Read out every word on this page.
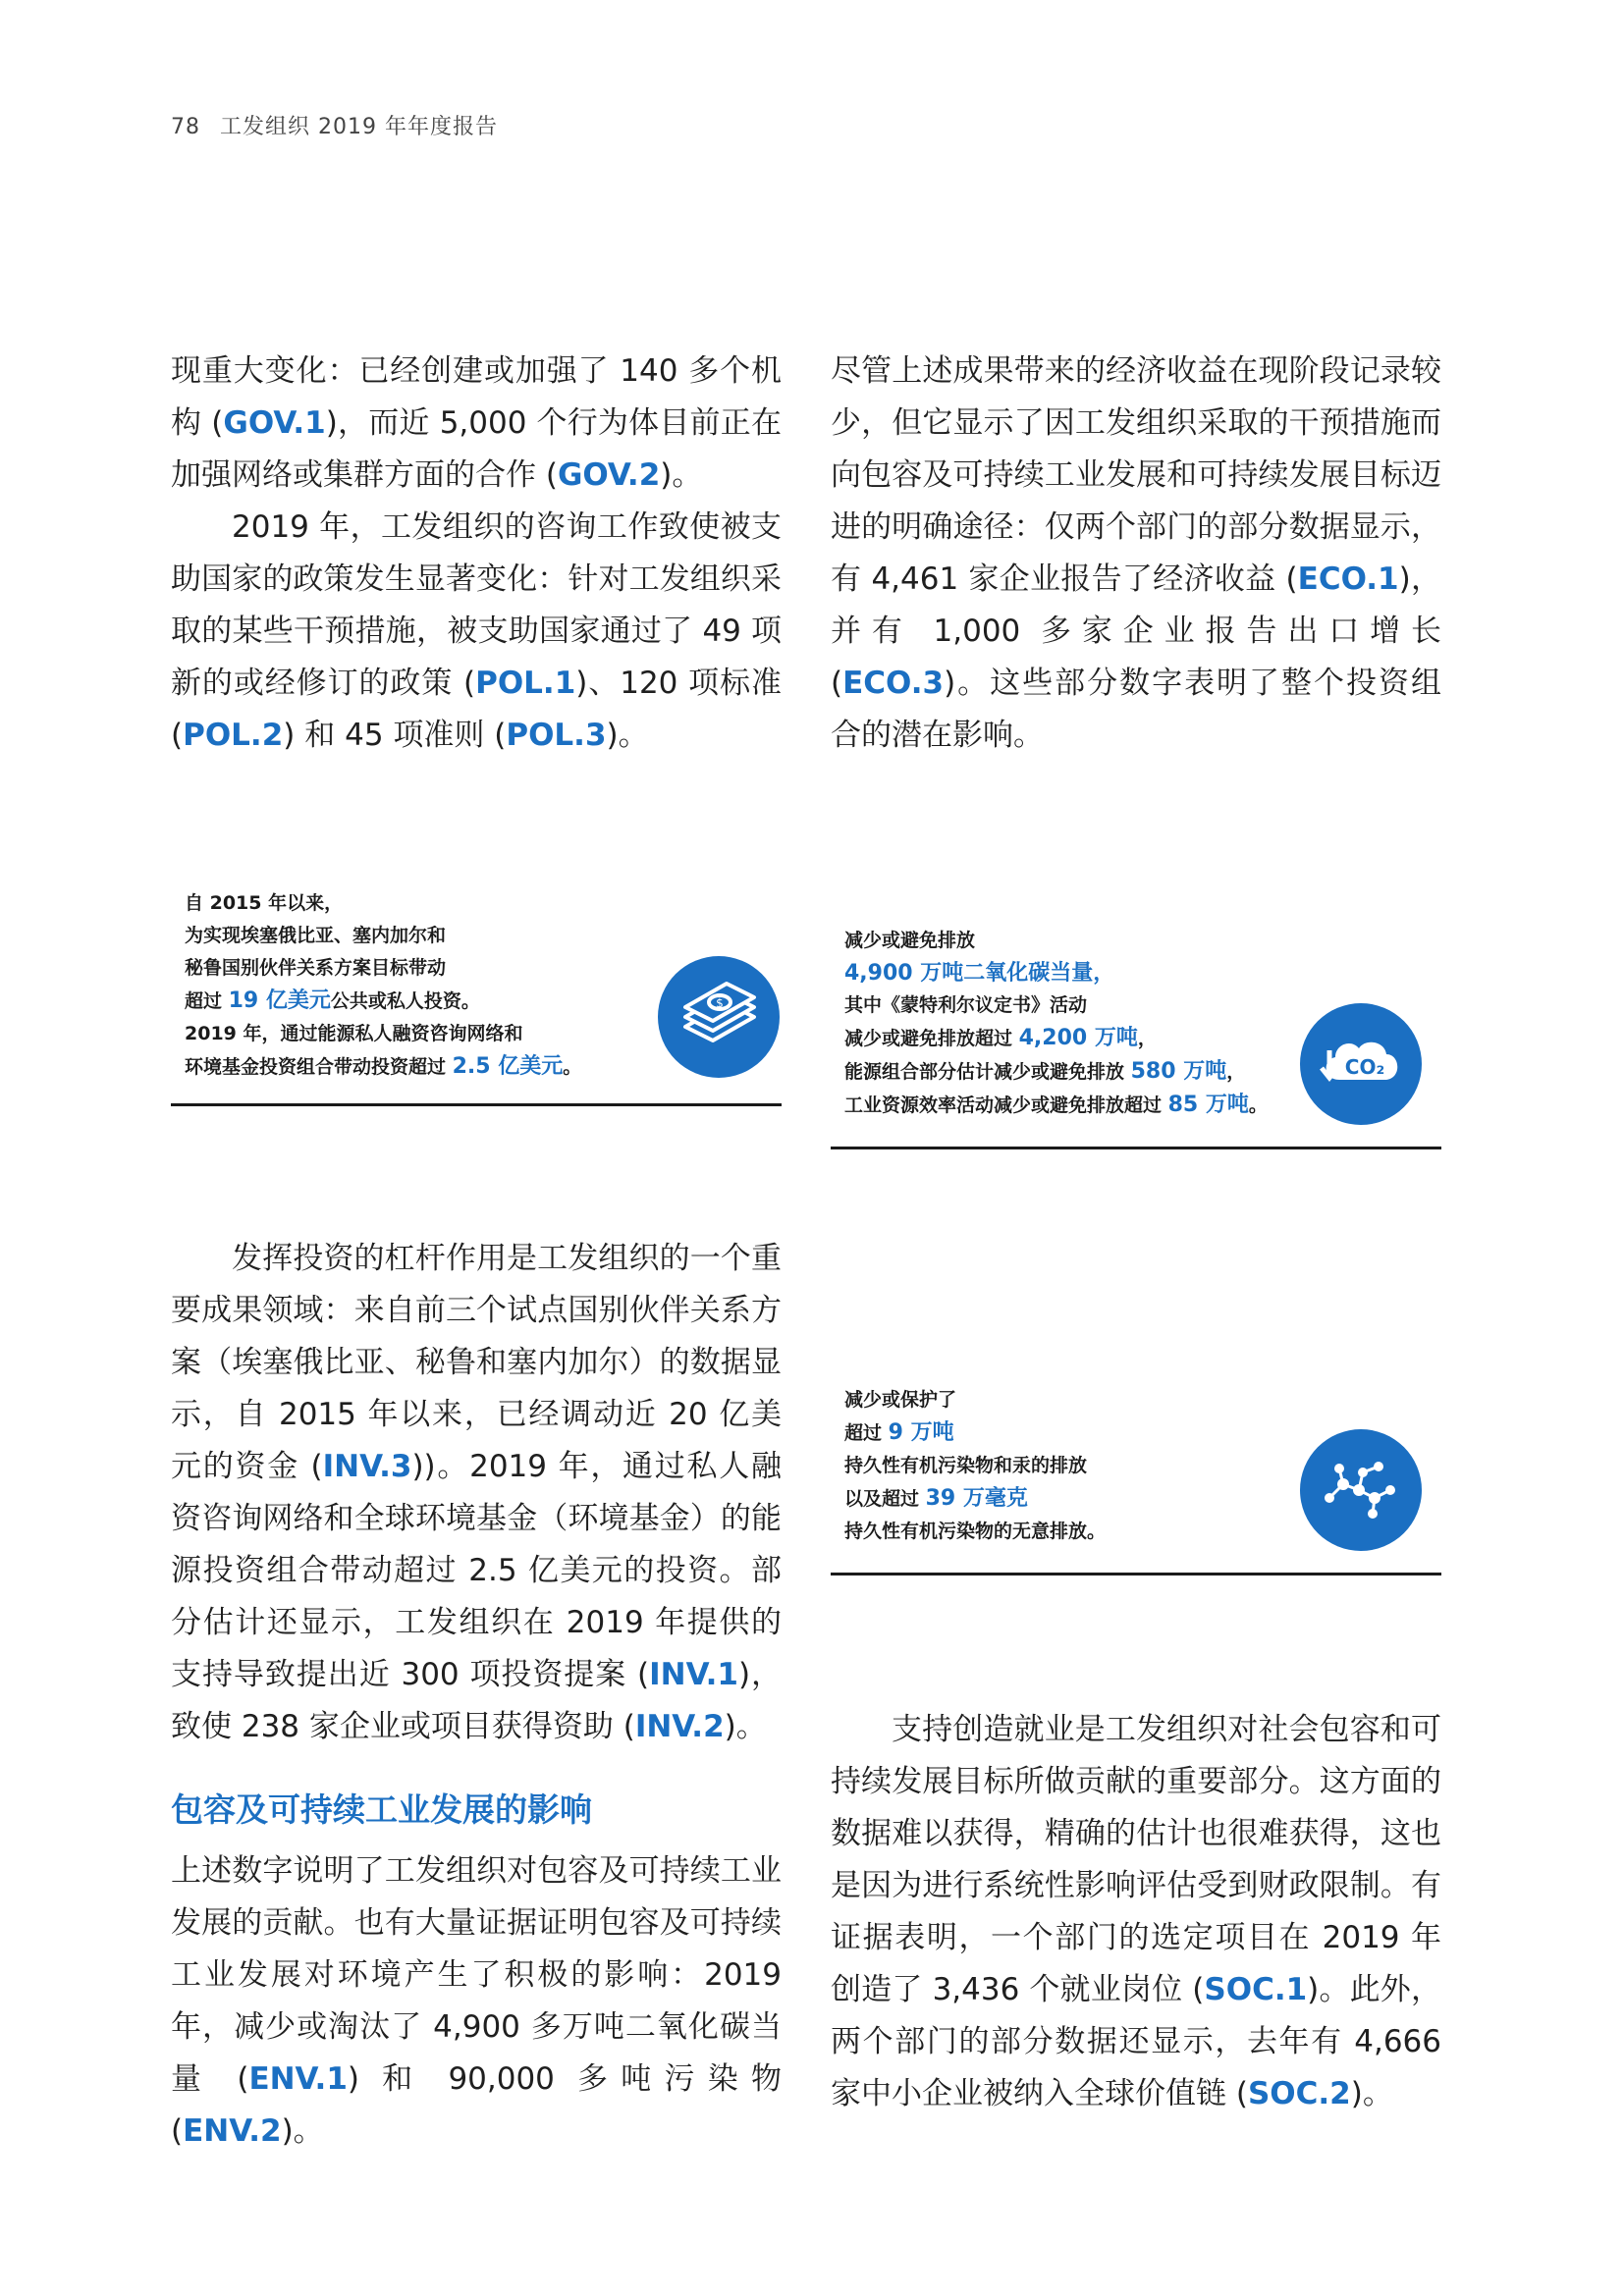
78 工发组织 2019 年年度报告

现重大变化：已经创建或加强了 140 多个机构 (GOV.1)，而近 5,000 个行为体目前正在加强网络或集群方面的合作 (GOV.2)。

2019 年，工发组织的咨询工作致使被支助国家的政策发生显著变化：针对工发组织采取的某些干预措施，被支助国家通过了 49 项新的或经修订的政策 (POL.1)、120 项标准 (POL.2) 和 45 项准则 (POL.3)。

尽管上述成果带来的经济收益在现阶段记录较少，但它显示了因工发组织采取的干预措施而向包容及可持续工业发展和可持续发展目标迈进的明确途径：仅两个部门的部分数据显示，有 4,461 家企业报告了经济收益 (ECO.1)，并有 1,000 多家企业报告出口增长 (ECO.3)。这些部分数字表明了整个投资组合的潜在影响。

自 2015 年以来，
为实现埃塞俄比亚、塞内加尔和
秘鲁国别伙伴关系方案目标带动
超过 19 亿美元公共或私人投资。
2019 年，通过能源私人融资咨询网络和
环境基金投资组合带动投资超过 2.5 亿美元。
$
减少或避免排放
4,900 万吨二氧化碳当量，
其中《蒙特利尔议定书》活动
减少或避免排放超过 4,200 万吨，
能源组合部分估计减少或避免排放 580 万吨，
工业资源效率活动减少或避免排放超过 85 万吨。
CO₂

发挥投资的杠杆作用是工发组织的一个重要成果领域：来自前三个试点国别伙伴关系方案（埃塞俄比亚、秘鲁和塞内加尔）的数据显示，自 2015 年以来，已经调动近 20 亿美元的资金 (INV.3))。2019 年，通过私人融资咨询网络和全球环境基金（环境基金）的能源投资组合带动超过 2.5 亿美元的投资。部分估计还显示，工发组织在 2019 年提供的支持导致提出近 300 项投资提案 (INV.1)，致使 238 家企业或项目获得资助 (INV.2)。

减少或保护了
超过 9 万吨
持久性有机污染物和汞的排放
以及超过 39 万毫克
持久性有机污染物的无意排放。
包容及可持续工业发展的影响

上述数字说明了工发组织对包容及可持续工业发展的贡献。也有大量证据证明包容及可持续工业发展对环境产生了积极的影响：2019 年，减少或淘汰了 4,900 多万吨二氧化碳当量 (ENV.1) 和 90,000 多吨污染物 (ENV.2)。

支持创造就业是工发组织对社会包容和可持续发展目标所做贡献的重要部分。这方面的数据难以获得，精确的估计也很难获得，这也是因为进行系统性影响评估受到财政限制。有证据表明，一个部门的选定项目在 2019 年创造了 3,436 个就业岗位 (SOC.1)。此外，两个部门的部分数据还显示，去年有 4,666 家中小企业被纳入全球价值链 (SOC.2)。
